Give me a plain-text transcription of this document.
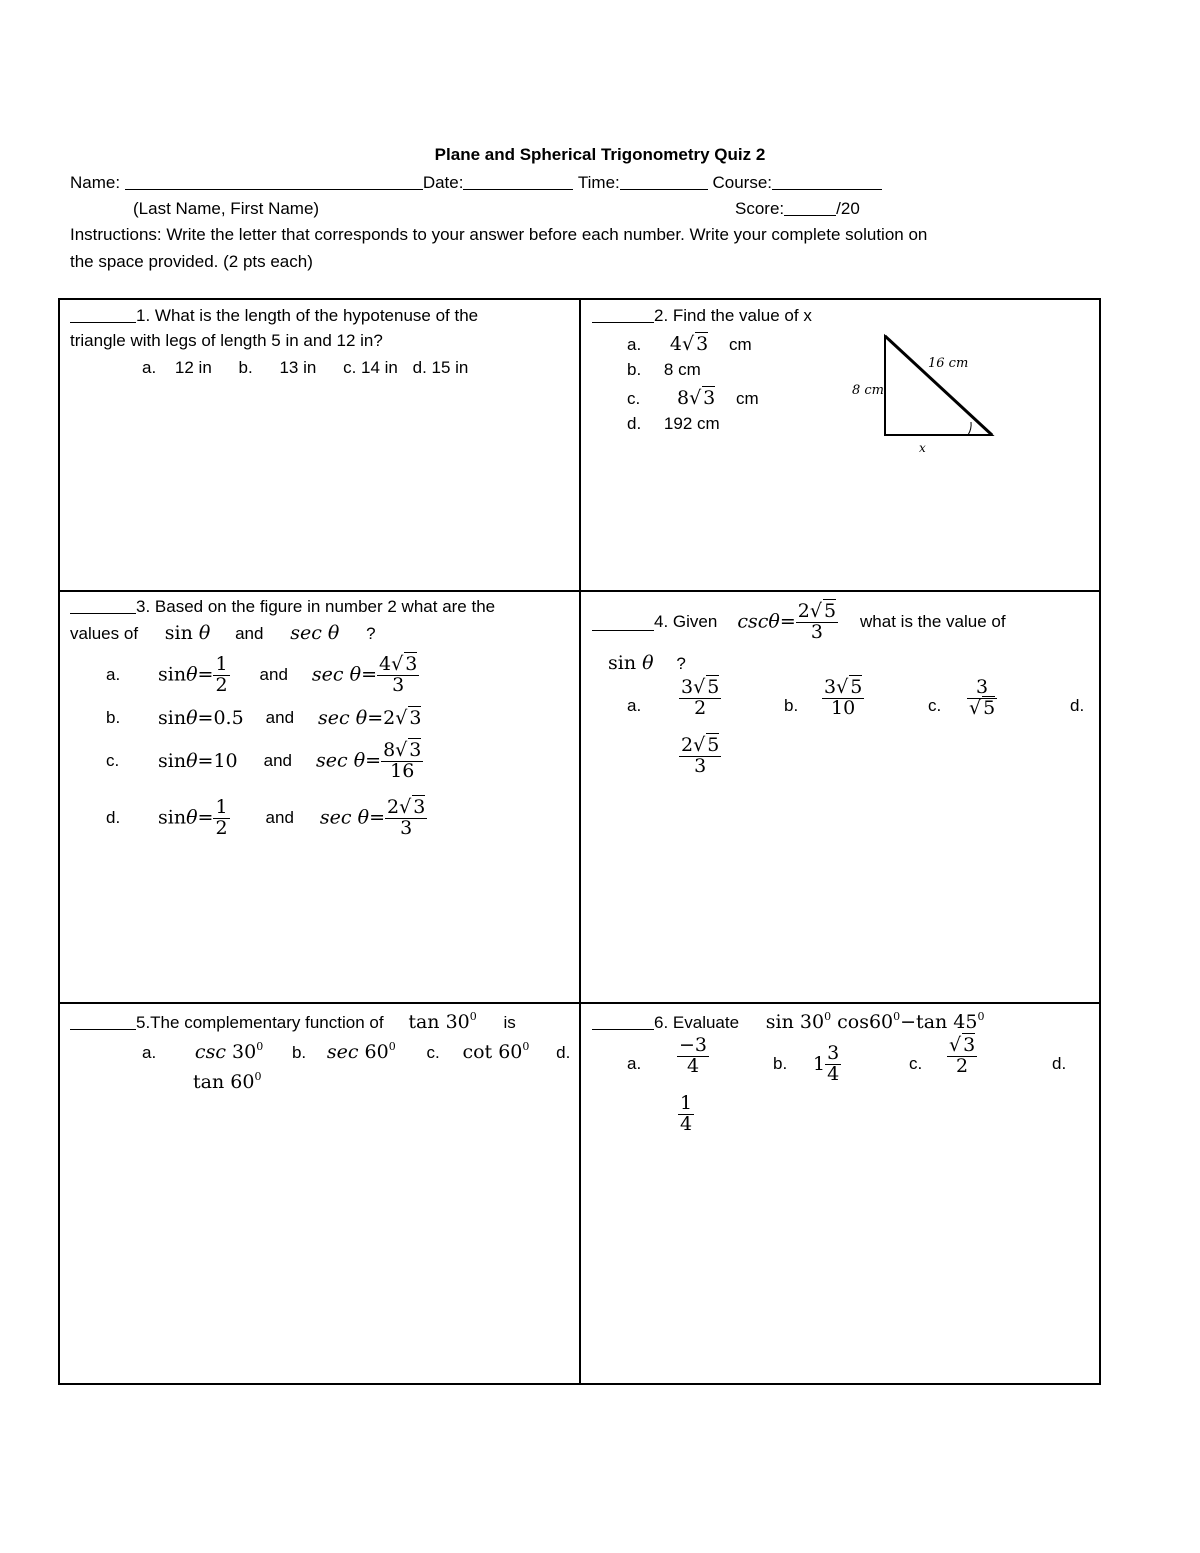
Plane and Spherical Trigonometry Quiz 2
Name:	Date:	Time:	Course:
(Last Name, First Name)	Score:	/20
Instructions: Write the letter that corresponds to your answer before each number. Write your complete solution on
the space provided. (2 pts each)
1. What is the length of the hypotenuse of the
triangle with legs of length 5 in and 12 in?
a. 12 in b. 13 in c. 14 in d. 15 in
2. Find the value of x
a. 4√ 3 cm
b. 8 cm
c. 8√ 3 cm
d. 192 cm
16 cm
8 cm
x
3. Based on the figure in number 2 what are the
values of sin θ and sec θ ?
a.	$\sin\theta= \frac{1}{2}$ and $\sec \theta= \frac{4√ 3}{3}$
b.	sinθ=0.5 and sec θ=2√ 3
c.	sinθ=10 and $\sec \theta= \frac{8√ 3}{16}$
d.	$\sin\theta= \frac{1}{2}$ and $\sec \theta= \frac{2√ 3}{3}$
4. Given $\csc\theta= \frac{2√ 5}{3}$ what is the value of
sin θ ?
a. $\frac{3√ 5}{2}$	b. $\frac{3√ 5}{10}$	c. $\frac{3}{√ 5}$	d.
$\frac{2√ 5}{3}$
5.The complementary function of $\tan 30^0$ is
a. $\csc 30^0$ b. $\sec 60^0$ c. $\cot 60^0$ d.
$\tan 60^0$
6. Evaluate $\sin 30^0$ $\cos 60^0-\tan$ $45^0$
a. $\frac{-3}{4}$	b. $1 \frac{3}{4}$	c. $\frac{√ 3}{2}$	d.
$\frac{1}{4}$
